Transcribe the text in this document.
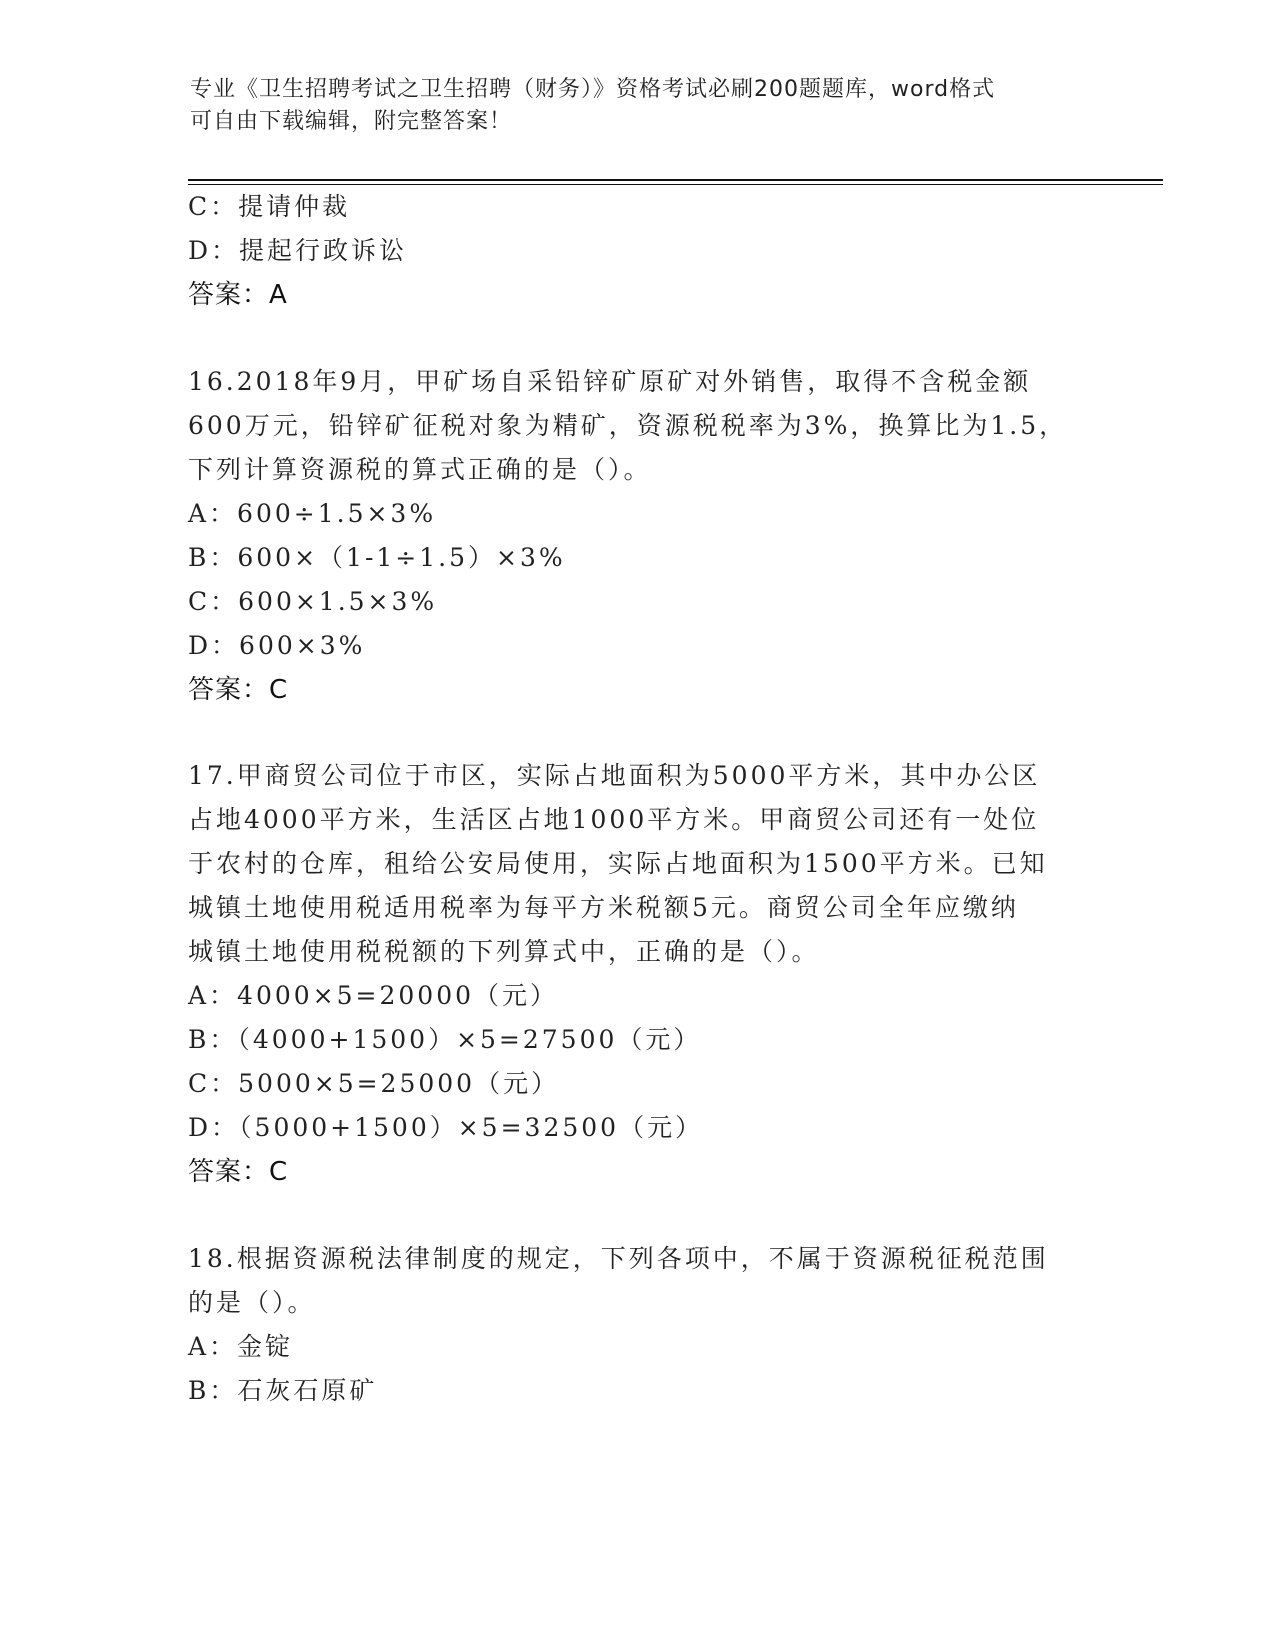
专业《卫生招聘考试之卫生招聘（财务）》资格考试必刷200题题库，word格式
可自由下载编辑，附完整答案！
C：提请仲裁
D：提起行政诉讼
答案：A
16.2018年9月，甲矿场自采铅锌矿原矿对外销售，取得不含税金额
600万元，铅锌矿征税对象为精矿，资源税税率为3%，换算比为1.5，
下列计算资源税的算式正确的是（）。
A：600÷1.5×3%
B：600×（1-1÷1.5）×3%
C：600×1.5×3%
D：600×3%
答案：C
17.甲商贸公司位于市区，实际占地面积为5000平方米，其中办公区
占地4000平方米，生活区占地1000平方米。甲商贸公司还有一处位
于农村的仓库，租给公安局使用，实际占地面积为1500平方米。已知
城镇土地使用税适用税率为每平方米税额5元。商贸公司全年应缴纳
城镇土地使用税税额的下列算式中，正确的是（）。
A：4000×5=20000（元）
B：（4000+1500）×5=27500（元）
C：5000×5=25000（元）
D：（5000+1500）×5=32500（元）
答案：C
18.根据资源税法律制度的规定，下列各项中，不属于资源税征税范围
的是（）。
A：金锭
B：石灰石原矿
